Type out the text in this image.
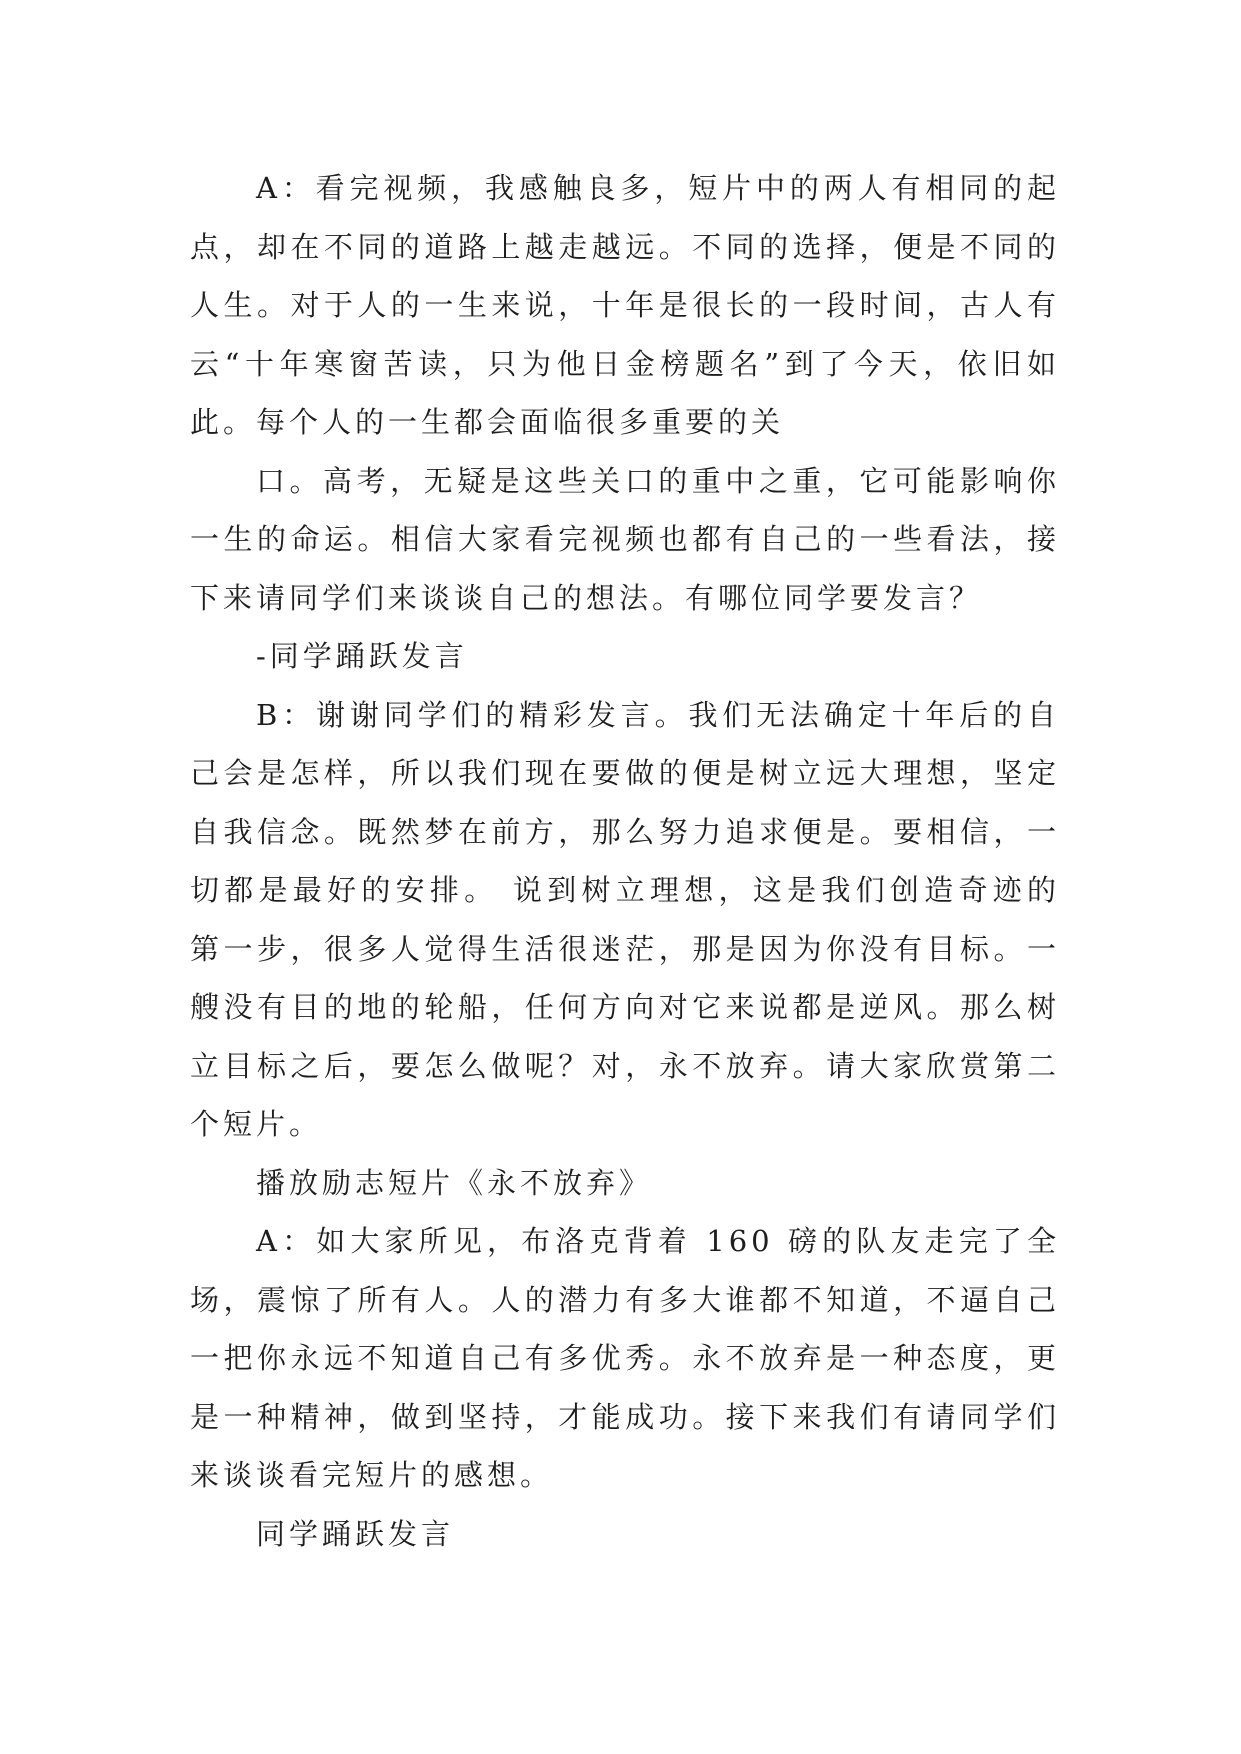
A：看完视频，我感触良多，短片中的两人有相同的起点，却在不同的道路上越走越远。不同的选择，便是不同的人生。对于人的一生来说，十年是很长的一段时间，古人有云“十年寒窗苦读，只为他日金榜题名”到了今天，依旧如此。每个人的一生都会面临很多重要的关

口。高考，无疑是这些关口的重中之重，它可能影响你一生的命运。相信大家看完视频也都有自己的一些看法，接下来请同学们来谈谈自己的想法。有哪位同学要发言？

-同学踊跃发言

B：谢谢同学们的精彩发言。我们无法确定十年后的自己会是怎样，所以我们现在要做的便是树立远大理想，坚定自我信念。既然梦在前方，那么努力追求便是。要相信，一切都是最好的安排。 说到树立理想，这是我们创造奇迹的第一步，很多人觉得生活很迷茫，那是因为你没有目标。一艘没有目的地的轮船，任何方向对它来说都是逆风。那么树立目标之后，要怎么做呢？对，永不放弃。请大家欣赏第二个短片。

播放励志短片《永不放弃》

A：如大家所见，布洛克背着 160 磅的队友走完了全场，震惊了所有人。人的潜力有多大谁都不知道，不逼自己一把你永远不知道自己有多优秀。永不放弃是一种态度，更是一种精神，做到坚持，才能成功。接下来我们有请同学们来谈谈看完短片的感想。

同学踊跃发言
